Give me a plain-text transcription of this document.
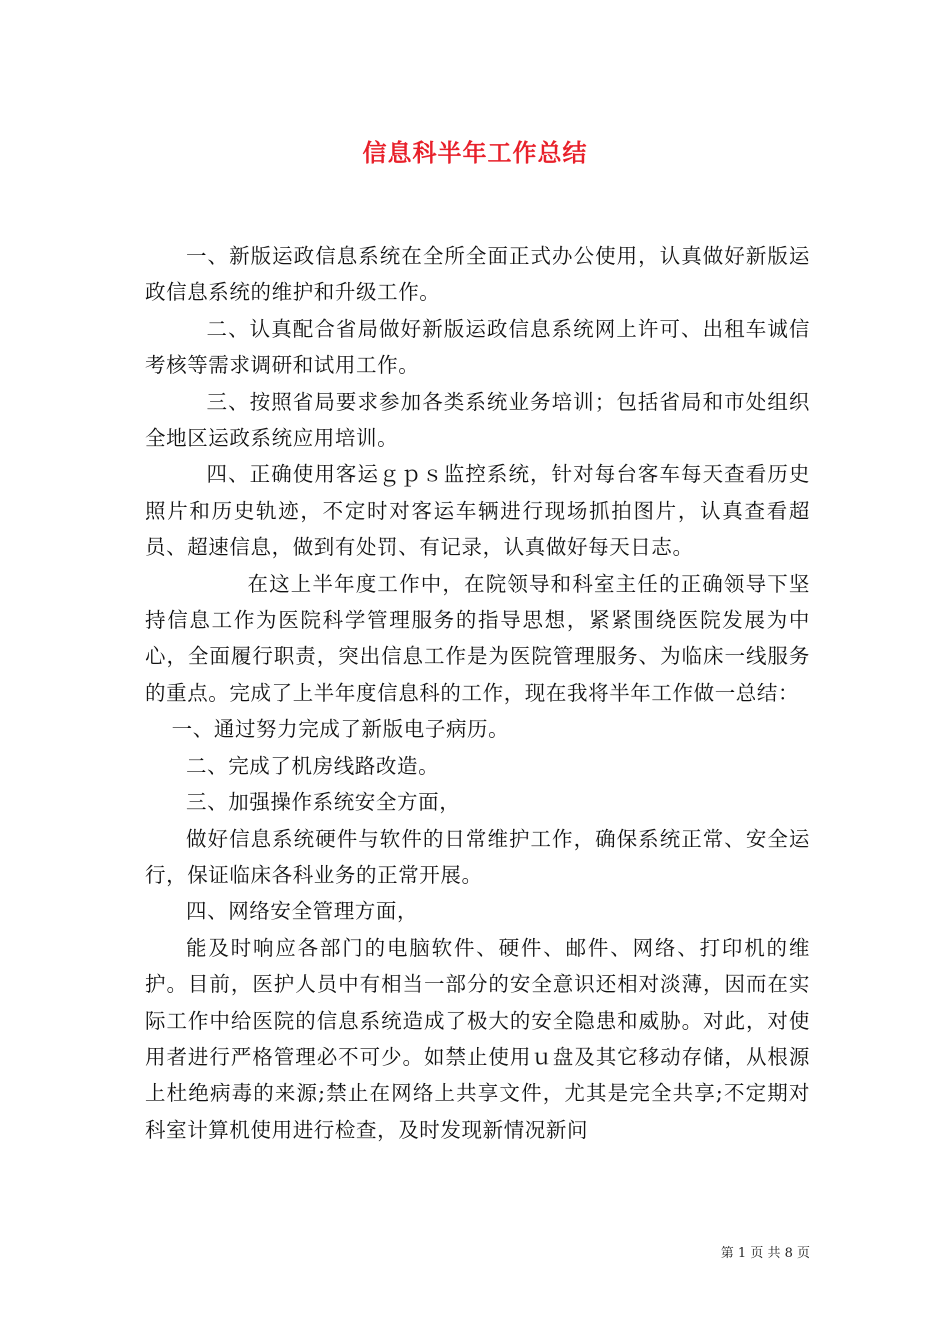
信息科半年工作总结

一、新版运政信息系统在全所全面正式办公使用，认真做好新版运政信息系统的维护和升级工作。

二、认真配合省局做好新版运政信息系统网上许可、出租车诚信考核等需求调研和试用工作。

三、按照省局要求参加各类系统业务培训；包括省局和市处组织全地区运政系统应用培训。

四、正确使用客运ｇｐｓ监控系统，针对每台客车每天查看历史照片和历史轨迹，不定时对客运车辆进行现场抓拍图片，认真查看超员、超速信息，做到有处罚、有记录，认真做好每天日志。

在这上半年度工作中，在院领导和科室主任的正确领导下坚持信息工作为医院科学管理服务的指导思想，紧紧围绕医院发展为中心，全面履行职责，突出信息工作是为医院管理服务、为临床一线服务的重点。完成了上半年度信息科的工作，现在我将半年工作做一总结：

一、通过努力完成了新版电子病历。

二、完成了机房线路改造。

三、加强操作系统安全方面，

做好信息系统硬件与软件的日常维护工作，确保系统正常、安全运行，保证临床各科业务的正常开展。

四、网络安全管理方面，

能及时响应各部门的电脑软件、硬件、邮件、网络、打印机的维护。目前，医护人员中有相当一部分的安全意识还相对淡薄，因而在实际工作中给医院的信息系统造成了极大的安全隐患和威胁。对此，对使用者进行严格管理必不可少。如禁止使用ｕ盘及其它移动存储，从根源上杜绝病毒的来源;禁止在网络上共享文件，尤其是完全共享;不定期对科室计算机使用进行检查，及时发现新情况新问

第 1 页 共 8 页
